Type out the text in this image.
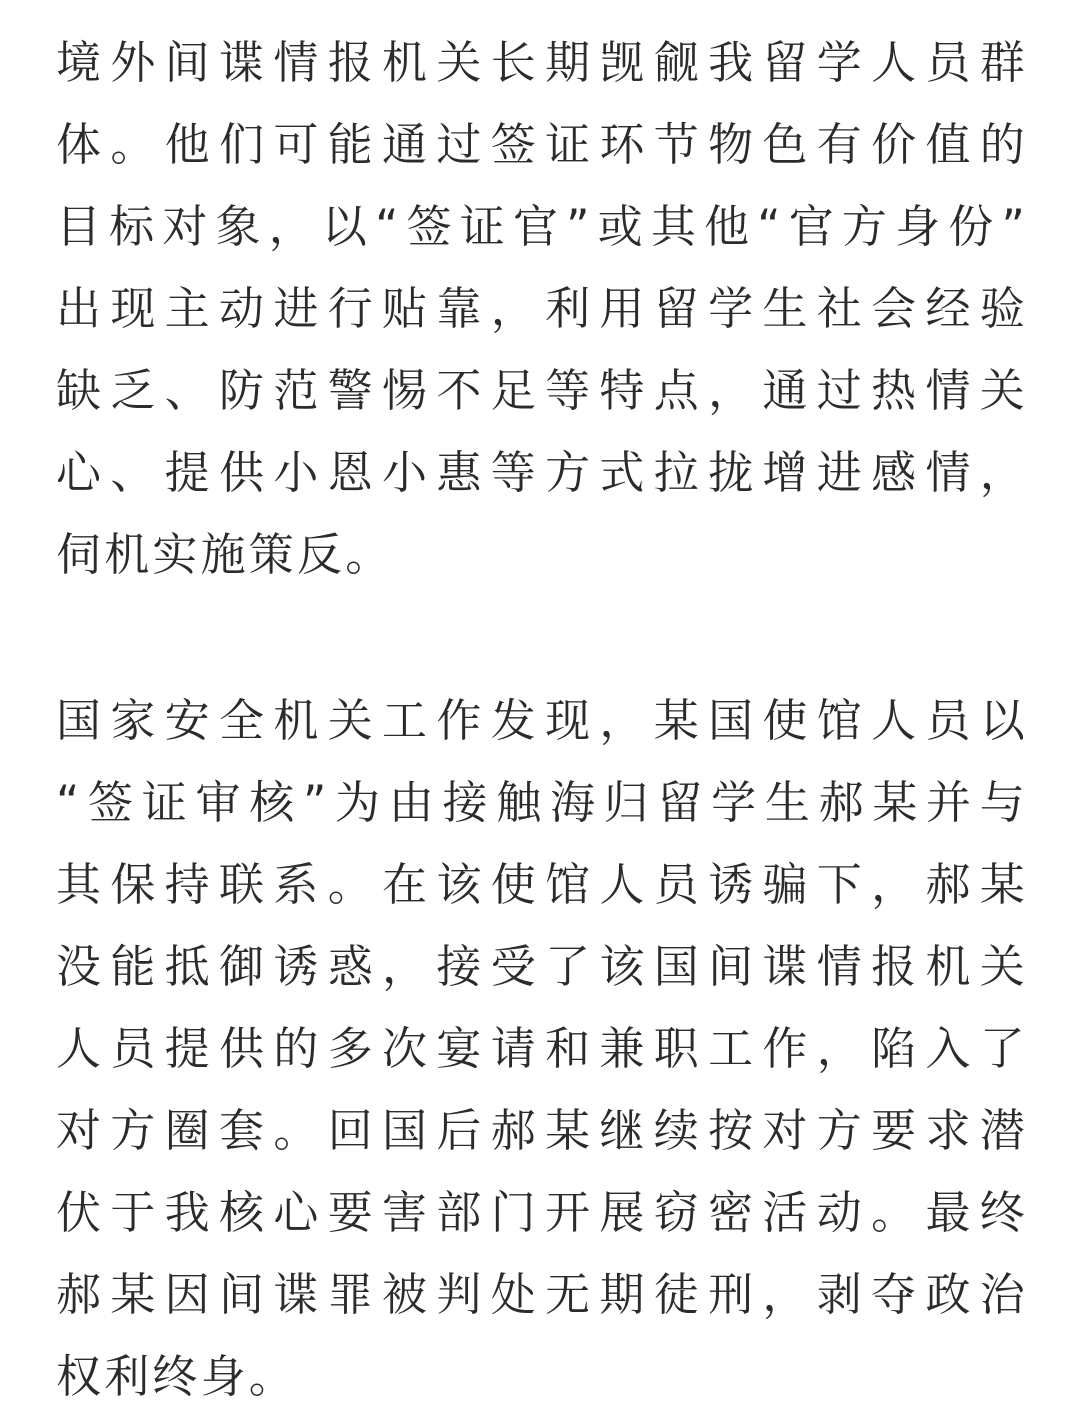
境外间谍情报机关长期觊觎我留学人员群
体。他们可能通过签证环节物色有价值的
目标对象，以“签证官”或其他“官方身份”
出现主动进行贴靠，利用留学生社会经验
缺乏、防范警惕不足等特点，通过热情关
心、提供小恩小惠等方式拉拢增进感情，
伺机实施策反。
国家安全机关工作发现，某国使馆人员以
“签证审核”为由接触海归留学生郝某并与
其保持联系。在该使馆人员诱骗下，郝某
没能抵御诱惑，接受了该国间谍情报机关
人员提供的多次宴请和兼职工作，陷入了
对方圈套。回国后郝某继续按对方要求潜
伏于我核心要害部门开展窃密活动。最终
郝某因间谍罪被判处无期徒刑，剥夺政治
权利终身。
